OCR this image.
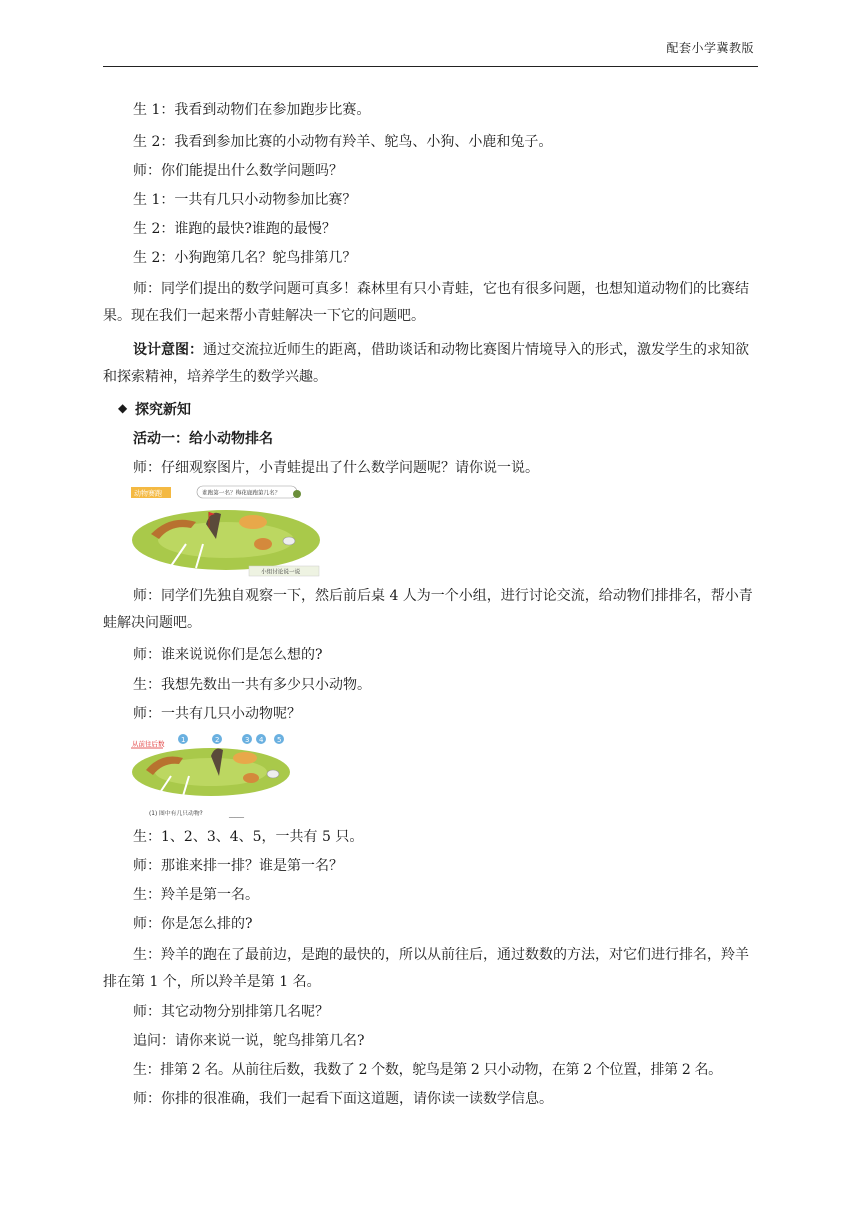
配套小学冀教版

生 1：我看到动物们在参加跑步比赛。

生 2：我看到参加比赛的小动物有羚羊、鸵鸟、小狗、小鹿和兔子。

师：你们能提出什么数学问题吗？

生 1：一共有几只小动物参加比赛？

生 2：谁跑的最快?谁跑的最慢？

生 2：小狗跑第几名？鸵鸟排第几？

师：同学们提出的数学问题可真多！森林里有只小青蛙，它也有很多问题，也想知道动物们的比赛结果。现在我们一起来帮小青蛙解决一下它的问题吧。

设计意图：通过交流拉近师生的距离，借助谈话和动物比赛图片情境导入的形式，激发学生的求知欲和探索精神，培养学生的数学兴趣。

◆ 探究新知

活动一：给小动物排名

师：仔细观察图片，小青蛙提出了什么数学问题呢？请你说一说。

动物赛跑	谁跑第一名？梅花鹿跑第几名？
小组讨论说一说

师：同学们先独自观察一下，然后前后桌 4 人为一个小组，进行讨论交流，给动物们排排名，帮小青蛙解决问题吧。

师：谁来说说你们是怎么想的?

生：我想先数出一共有多少只小动物。

师：一共有几只小动物呢？

从前往后数 1	2	3 4 5
(1) 图中有几只动物?	_____

生：1、2、3、4、5，一共有 5 只。

师：那谁来排一排？谁是第一名？

生：羚羊是第一名。

师：你是怎么排的?

生：羚羊的跑在了最前边，是跑的最快的，所以从前往后，通过数数的方法，对它们进行排名，羚羊排在第 1 个，所以羚羊是第 1 名。

师：其它动物分别排第几名呢？

追问：请你来说一说，鸵鸟排第几名?

生：排第 2 名。从前往后数，我数了 2 个数，鸵鸟是第 2 只小动物，在第 2 个位置，排第 2 名。

师：你排的很准确，我们一起看下面这道题，请你读一读数学信息。
